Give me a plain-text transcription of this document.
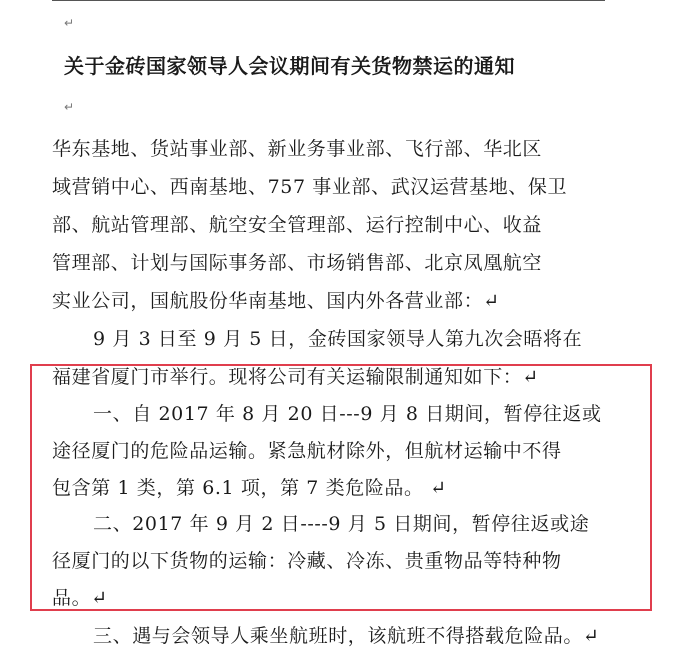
↵
关于金砖国家领导人会议期间有关货物禁运的通知
↵
华东基地、货站事业部、新业务事业部、飞行部、华北区
域营销中心、西南基地、757 事业部、武汉运营基地、保卫
部、航站管理部、航空安全管理部、运行控制中心、收益
管理部、计划与国际事务部、市场销售部、北京凤凰航空
实业公司，国航股份华南基地、国内外各营业部：↵
9 月 3 日至 9 月 5 日，金砖国家领导人第九次会晤将在
福建省厦门市举行。现将公司有关运输限制通知如下：↵
一、自 2017 年 8 月 20 日---9 月 8 日期间，暂停往返或
途径厦门的危险品运输。紧急航材除外，但航材运输中不得
包含第 1 类，第 6.1 项，第 7 类危险品。 ↵
二、2017 年 9 月 2 日----9 月 5 日期间，暂停往返或途
径厦门的以下货物的运输：冷藏、冷冻、贵重物品等特种物
品。↵
三、遇与会领导人乘坐航班时，该航班不得搭载危险品。↵
